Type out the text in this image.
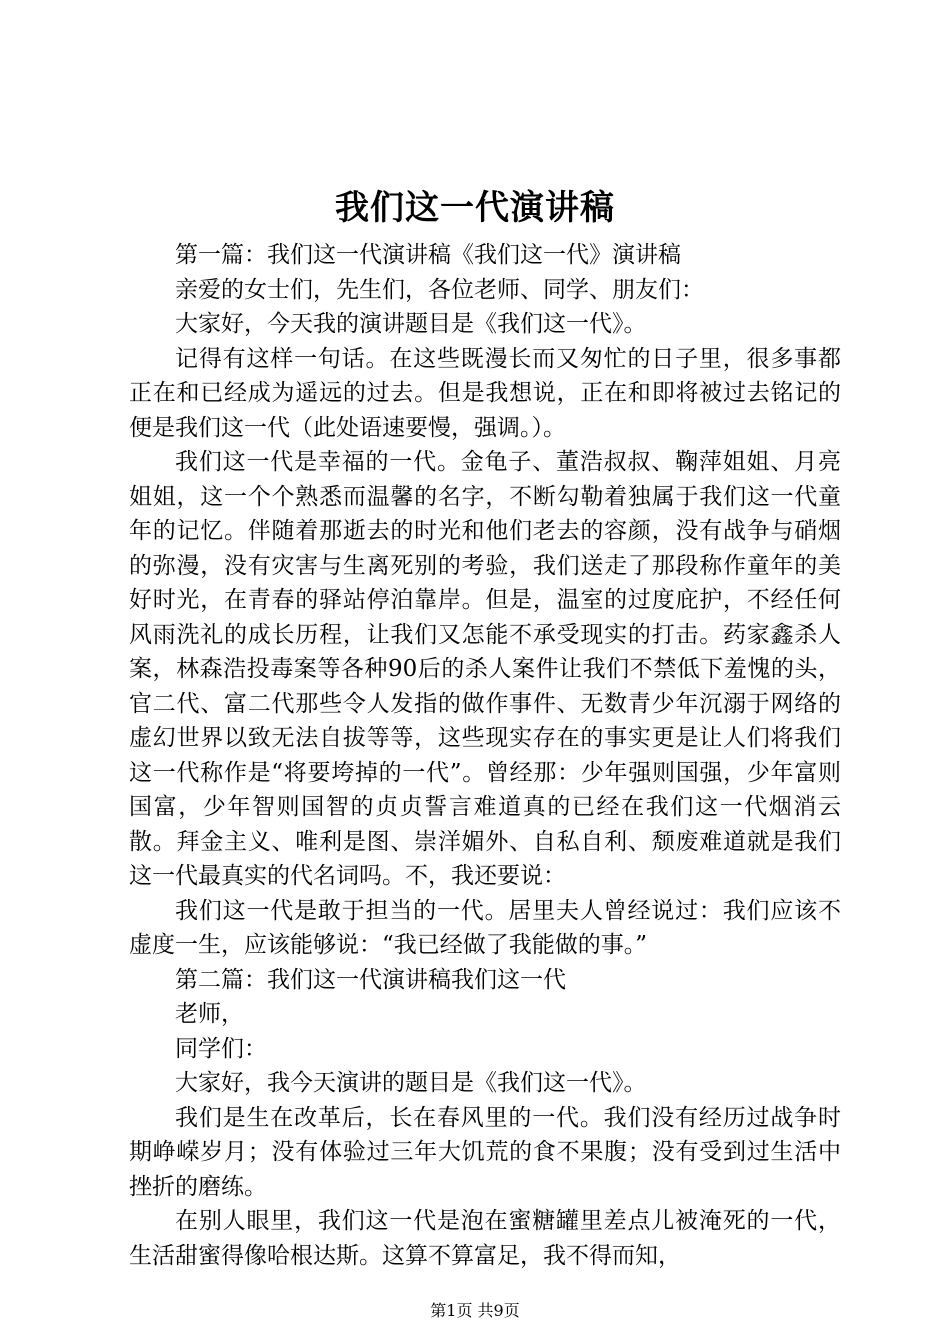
我们这一代演讲稿

第一篇：我们这一代演讲稿《我们这一代》演讲稿

亲爱的女士们，先生们，各位老师、同学、朋友们：

大家好，今天我的演讲题目是《我们这一代》。

记得有这样一句话。在这些既漫长而又匆忙的日子里，很多事都正在和已经成为遥远的过去。但是我想说，正在和即将被过去铭记的便是我们这一代（此处语速要慢，强调。）。

我们这一代是幸福的一代。金龟子、董浩叔叔、鞠萍姐姐、月亮姐姐，这一个个熟悉而温馨的名字，不断勾勒着独属于我们这一代童年的记忆。伴随着那逝去的时光和他们老去的容颜，没有战争与硝烟的弥漫，没有灾害与生离死别的考验，我们送走了那段称作童年的美好时光，在青春的驿站停泊靠岸。但是，温室的过度庇护，不经任何风雨洗礼的成长历程，让我们又怎能不承受现实的打击。药家鑫杀人案，林森浩投毒案等各种90后的杀人案件让我们不禁低下羞愧的头，官二代、富二代那些令人发指的做作事件、无数青少年沉溺于网络的虚幻世界以致无法自拔等等，这些现实存在的事实更是让人们将我们这一代称作是“将要垮掉的一代”。曾经那：少年强则国强，少年富则国富，少年智则国智的贞贞誓言难道真的已经在我们这一代烟消云散。拜金主义、唯利是图、崇洋媚外、自私自利、颓废难道就是我们这一代最真实的代名词吗。不，我还要说：

我们这一代是敢于担当的一代。居里夫人曾经说过：我们应该不虚度一生，应该能够说：“我已经做了我能做的事。”

第二篇：我们这一代演讲稿我们这一代

老师，

同学们：

大家好，我今天演讲的题目是《我们这一代》。

我们是生在改革后，长在春风里的一代。我们没有经历过战争时期峥嵘岁月；没有体验过三年大饥荒的食不果腹；没有受到过生活中挫折的磨练。

在别人眼里，我们这一代是泡在蜜糖罐里差点儿被淹死的一代，生活甜蜜得像哈根达斯。这算不算富足，我不得而知，

第1页 共9页
